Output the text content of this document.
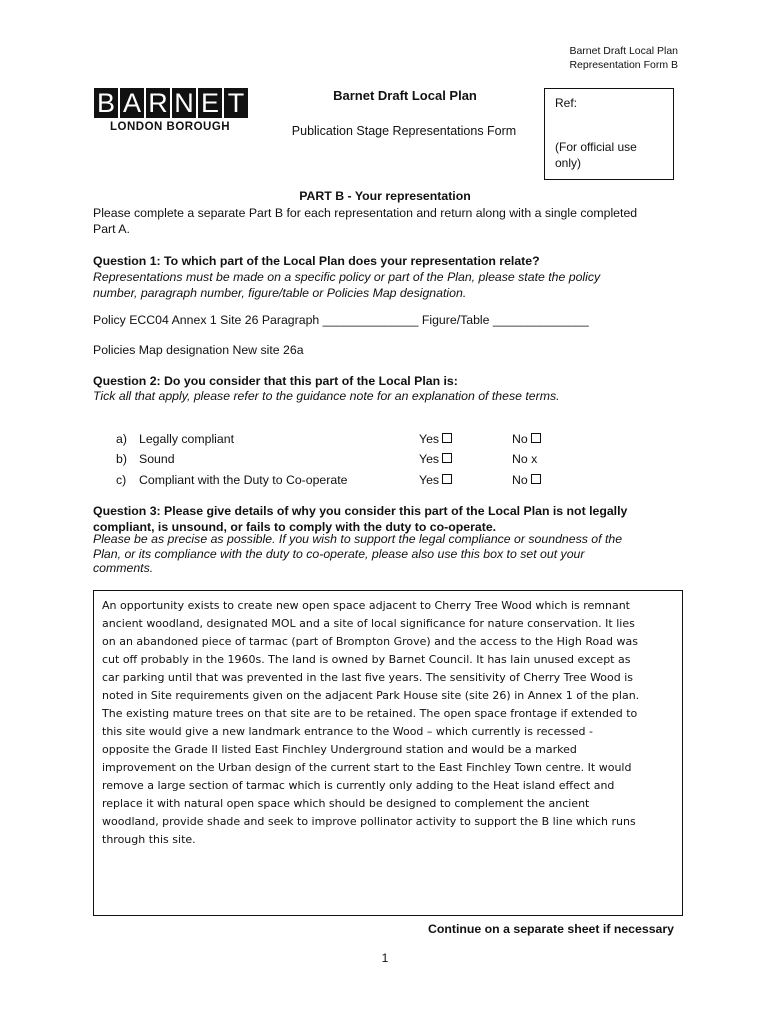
Barnet Draft Local Plan
Representation Form B
B A R N E T
LONDON BOROUGH
Barnet Draft Local Plan
Publication Stage Representations Form
Ref:
(For official use
only)
PART B - Your representation
Please complete a separate Part B for each representation and return along with a single completed
Part A.
Question 1: To which part of the Local Plan does your representation relate?
Representations must be made on a specific policy or part of the Plan, please state the policy
number, paragraph number, figure/table or Policies Map designation.
Policy ECC04 Annex 1 Site 26 Paragraph ______________ Figure/Table ______________
Policies Map designation New site 26a
Question 2: Do you consider that this part of the Local Plan is:
Tick all that apply, please refer to the guidance note for an explanation of these terms.
a) Legally compliant	Yes	No
b) Sound	Yes	No x
c) Compliant with the Duty to Co-operate	Yes	No
Question 3: Please give details of why you consider this part of the Local Plan is not legally
compliant, is unsound, or fails to comply with the duty to co-operate.
Please be as precise as possible. If you wish to support the legal compliance or soundness of the
Plan, or its compliance with the duty to co-operate, please also use this box to set out your
comments.
An opportunity exists to create new open space adjacent to Cherry Tree Wood which is remnant
ancient woodland, designated MOL and a site of local significance for nature conservation. It lies
on an abandoned piece of tarmac (part of Brompton Grove) and the access to the High Road was
cut off probably in the 1960s. The land is owned by Barnet Council. It has lain unused except as
car parking until that was prevented in the last five years. The sensitivity of Cherry Tree Wood is
noted in Site requirements given on the adjacent Park House site (site 26) in Annex 1 of the plan.
The existing mature trees on that site are to be retained. The open space frontage if extended to
this site would give a new landmark entrance to the Wood – which currently is recessed -
opposite the Grade II listed East Finchley Underground station and would be a marked
improvement on the Urban design of the current start to the East Finchley Town centre. It would
remove a large section of tarmac which is currently only adding to the Heat island effect and
replace it with natural open space which should be designed to complement the ancient
woodland, provide shade and seek to improve pollinator activity to support the B line which runs
through this site.
Continue on a separate sheet if necessary
1
